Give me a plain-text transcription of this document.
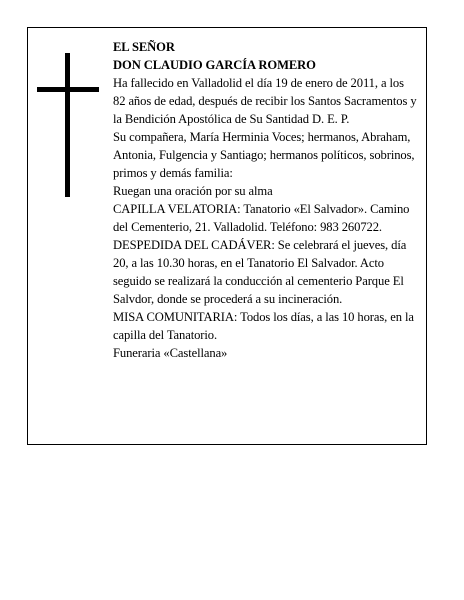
EL SEÑOR

DON CLAUDIO GARCÍA ROMERO

Ha fallecido en Valladolid el día 19 de enero de 2011, a los 82 años de edad, después de recibir los Santos Sacramentos y la Bendición Apostólica de Su Santidad D. E. P.

Su compañera, María Herminia Voces; hermanos, Abraham, Antonia, Fulgencia y Santiago; hermanos políticos, sobrinos, primos y demás familia:

Ruegan una oración por su alma

CAPILLA VELATORIA: Tanatorio «El Salvador». Camino del Cementerio, 21. Valladolid. Teléfono: 983 260722.

DESPEDIDA DEL CADÁVER: Se celebrará el jueves, día 20, a las 10.30 horas, en el Tanatorio El Salvador. Acto seguido se realizará la conducción al cementerio Parque El Salvdor, donde se procederá a su incineración.

MISA COMUNITARIA: Todos los días, a las 10 horas, en la capilla del Tanatorio.

Funeraria «Castellana»
